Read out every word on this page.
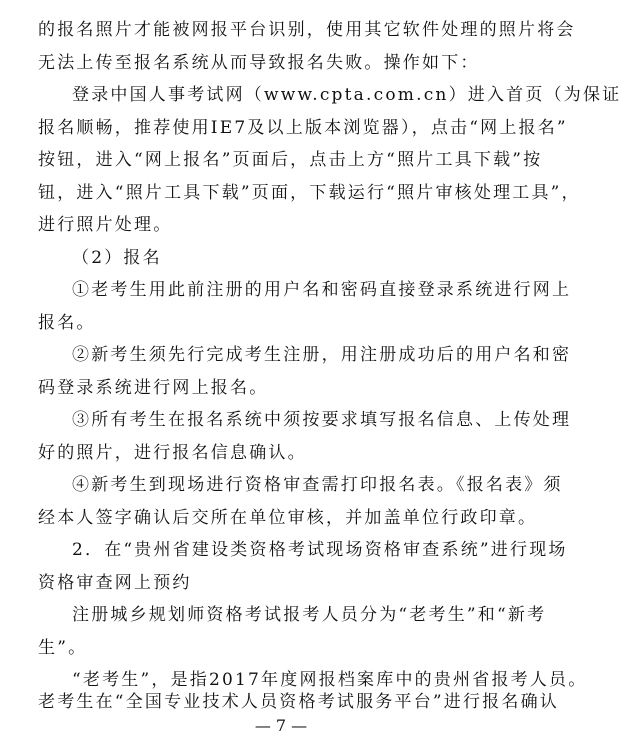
的报名照片才能被网报平台识别，使用其它软件处理的照片将会
无法上传至报名系统从而导致报名失败。操作如下：
登录中国人事考试网（www.cpta.com.cn）进入首页（为保证
报名顺畅，推荐使用IE7及以上版本浏览器），点击“网上报名”
按钮，进入“网上报名”页面后，点击上方“照片工具下载”按
钮，进入“照片工具下载”页面，下载运行“照片审核处理工具”，
进行照片处理。
（2）报名
①老考生用此前注册的用户名和密码直接登录系统进行网上
报名。
②新考生须先行完成考生注册，用注册成功后的用户名和密
码登录系统进行网上报名。
③所有考生在报名系统中须按要求填写报名信息、上传处理
好的照片，进行报名信息确认。
④新考生到现场进行资格审查需打印报名表。《报名表》须
经本人签字确认后交所在单位审核，并加盖单位行政印章。
2．在“贵州省建设类资格考试现场资格审查系统”进行现场
资格审查网上预约
注册城乡规划师资格考试报考人员分为“老考生”和“新考
生”。
“老考生”，是指2017年度网报档案库中的贵州省报考人员。
老考生在“全国专业技术人员资格考试服务平台”进行报名确认
— 7 —
